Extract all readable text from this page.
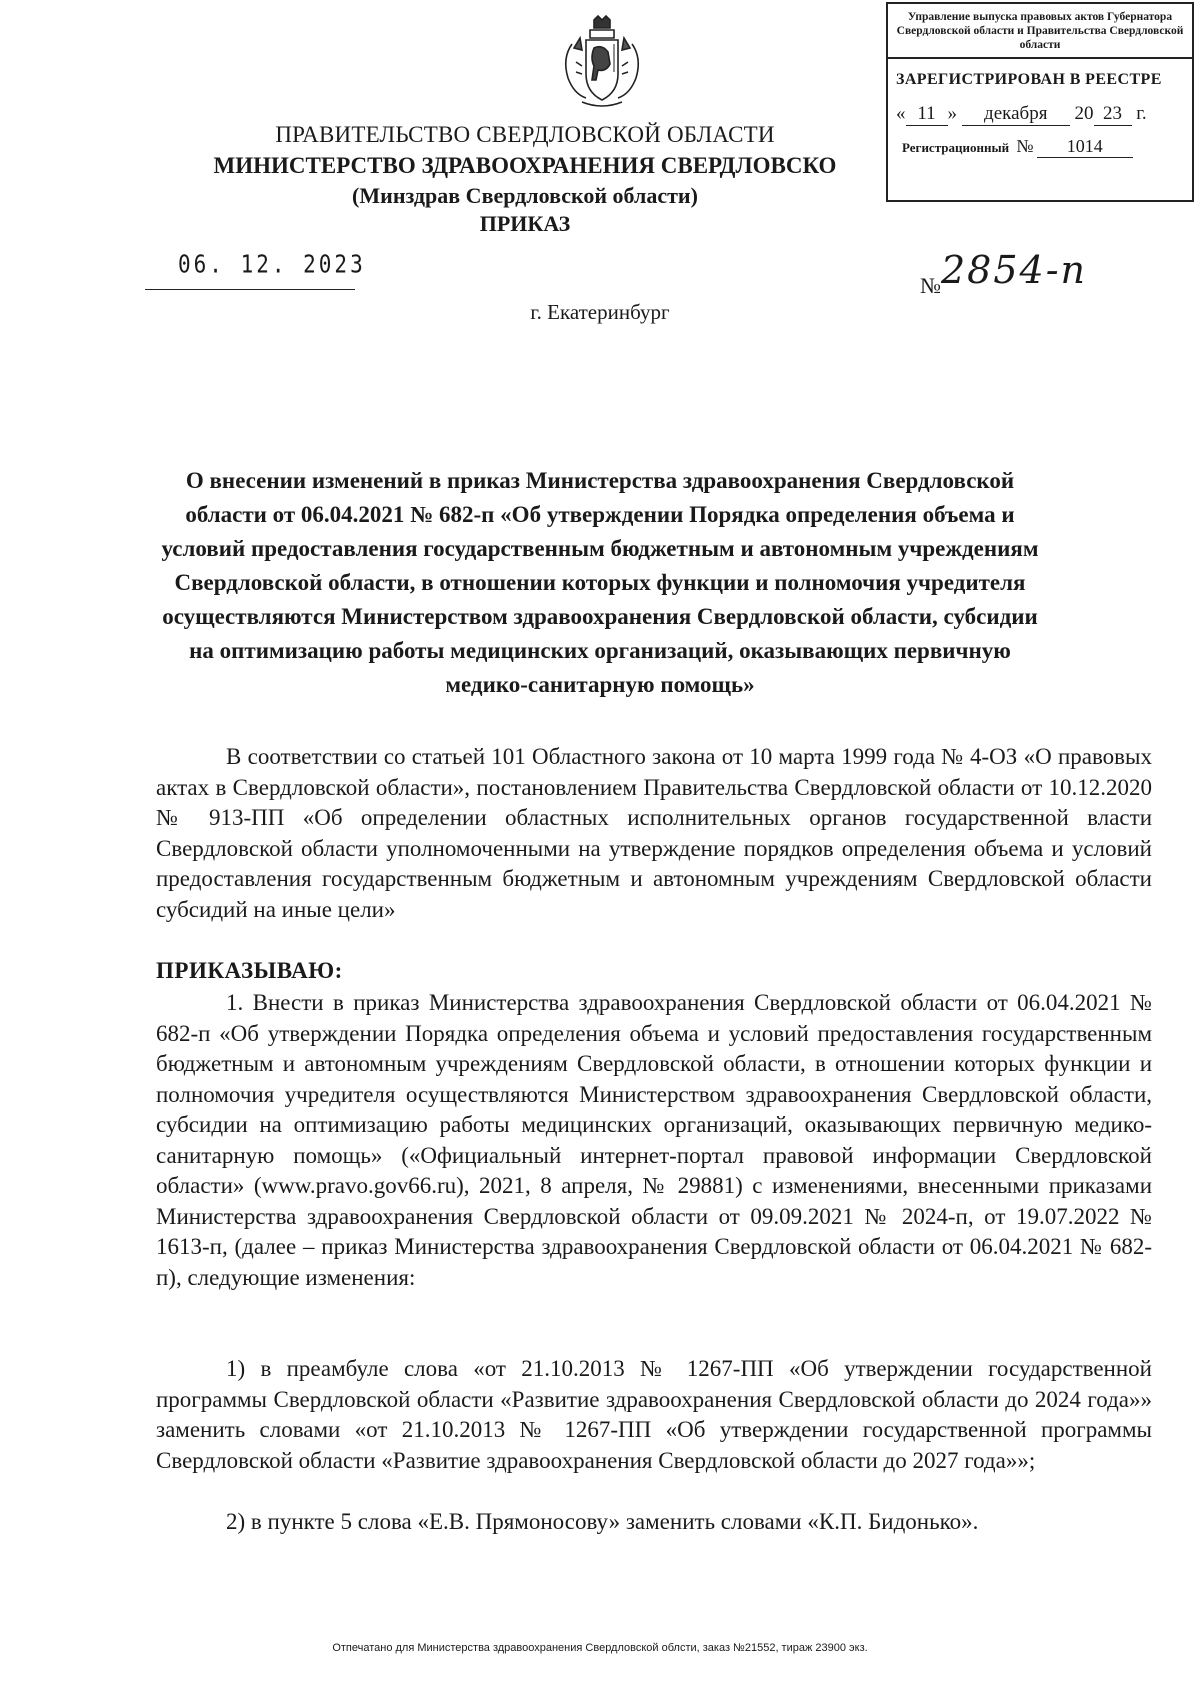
ПРАВИТЕЛЬСТВО СВЕРДЛОВСКОЙ ОБЛАСТИ
МИНИСТЕРСТВО ЗДРАВООХРАНЕНИЯ СВЕРДЛОВСКО
(Минздрав Свердловской области)
ПРИКАЗ
Управление выпуска правовых актов Губернатора Свердловской области и Правительства Свердловской области
ЗАРЕГИСТРИРОВАН В РЕЕСТРЕ
« 11 » декабря 20 23 г.
Регистрационный № 1014
06. 12. 2023
№2854-п
г. Екатеринбург
О внесении изменений в приказ Министерства здравоохранения Свердловской области от 06.04.2021 № 682-п «Об утверждении Порядка определения объема и условий предоставления государственным бюджетным и автономным учреждениям Свердловской области, в отношении которых функции и полномочия учредителя осуществляются Министерством здравоохранения Свердловской области, субсидии на оптимизацию работы медицинских организаций, оказывающих первичную медико-санитарную помощь»
В соответствии со статьей 101 Областного закона от 10 марта 1999 года № 4-ОЗ «О правовых актах в Свердловской области», постановлением Правительства Свердловской области от 10.12.2020 № 913-ПП «Об определении областных исполнительных органов государственной власти Свердловской области уполномоченными на утверждение порядков определения объема и условий предоставления государственным бюджетным и автономным учреждениям Свердловской области субсидий на иные цели»
ПРИКАЗЫВАЮ:
1. Внести в приказ Министерства здравоохранения Свердловской области от 06.04.2021 № 682-п «Об утверждении Порядка определения объема и условий предоставления государственным бюджетным и автономным учреждениям Свердловской области, в отношении которых функции и полномочия учредителя осуществляются Министерством здравоохранения Свердловской области, субсидии на оптимизацию работы медицинских организаций, оказывающих первичную медико-санитарную помощь» («Официальный интернет-портал правовой информации Свердловской области» (www.pravo.gov66.ru), 2021, 8 апреля, № 29881) с изменениями, внесенными приказами Министерства здравоохранения Свердловской области от 09.09.2021 № 2024-п, от 19.07.2022 № 1613-п, (далее – приказ Министерства здравоохранения Свердловской области от 06.04.2021 № 682-п), следующие изменения:
1) в преамбуле слова «от 21.10.2013 № 1267-ПП «Об утверждении государственной программы Свердловской области «Развитие здравоохранения Свердловской области до 2024 года»» заменить словами «от 21.10.2013 № 1267-ПП «Об утверждении государственной программы Свердловской области «Развитие здравоохранения Свердловской области до 2027 года»»;
2) в пункте 5 слова «Е.В. Прямоносову» заменить словами «К.П. Бидонько».
Отпечатано для Министерства здравоохранения Свердловской облсти, заказ №21552, тираж 23900 экз.
